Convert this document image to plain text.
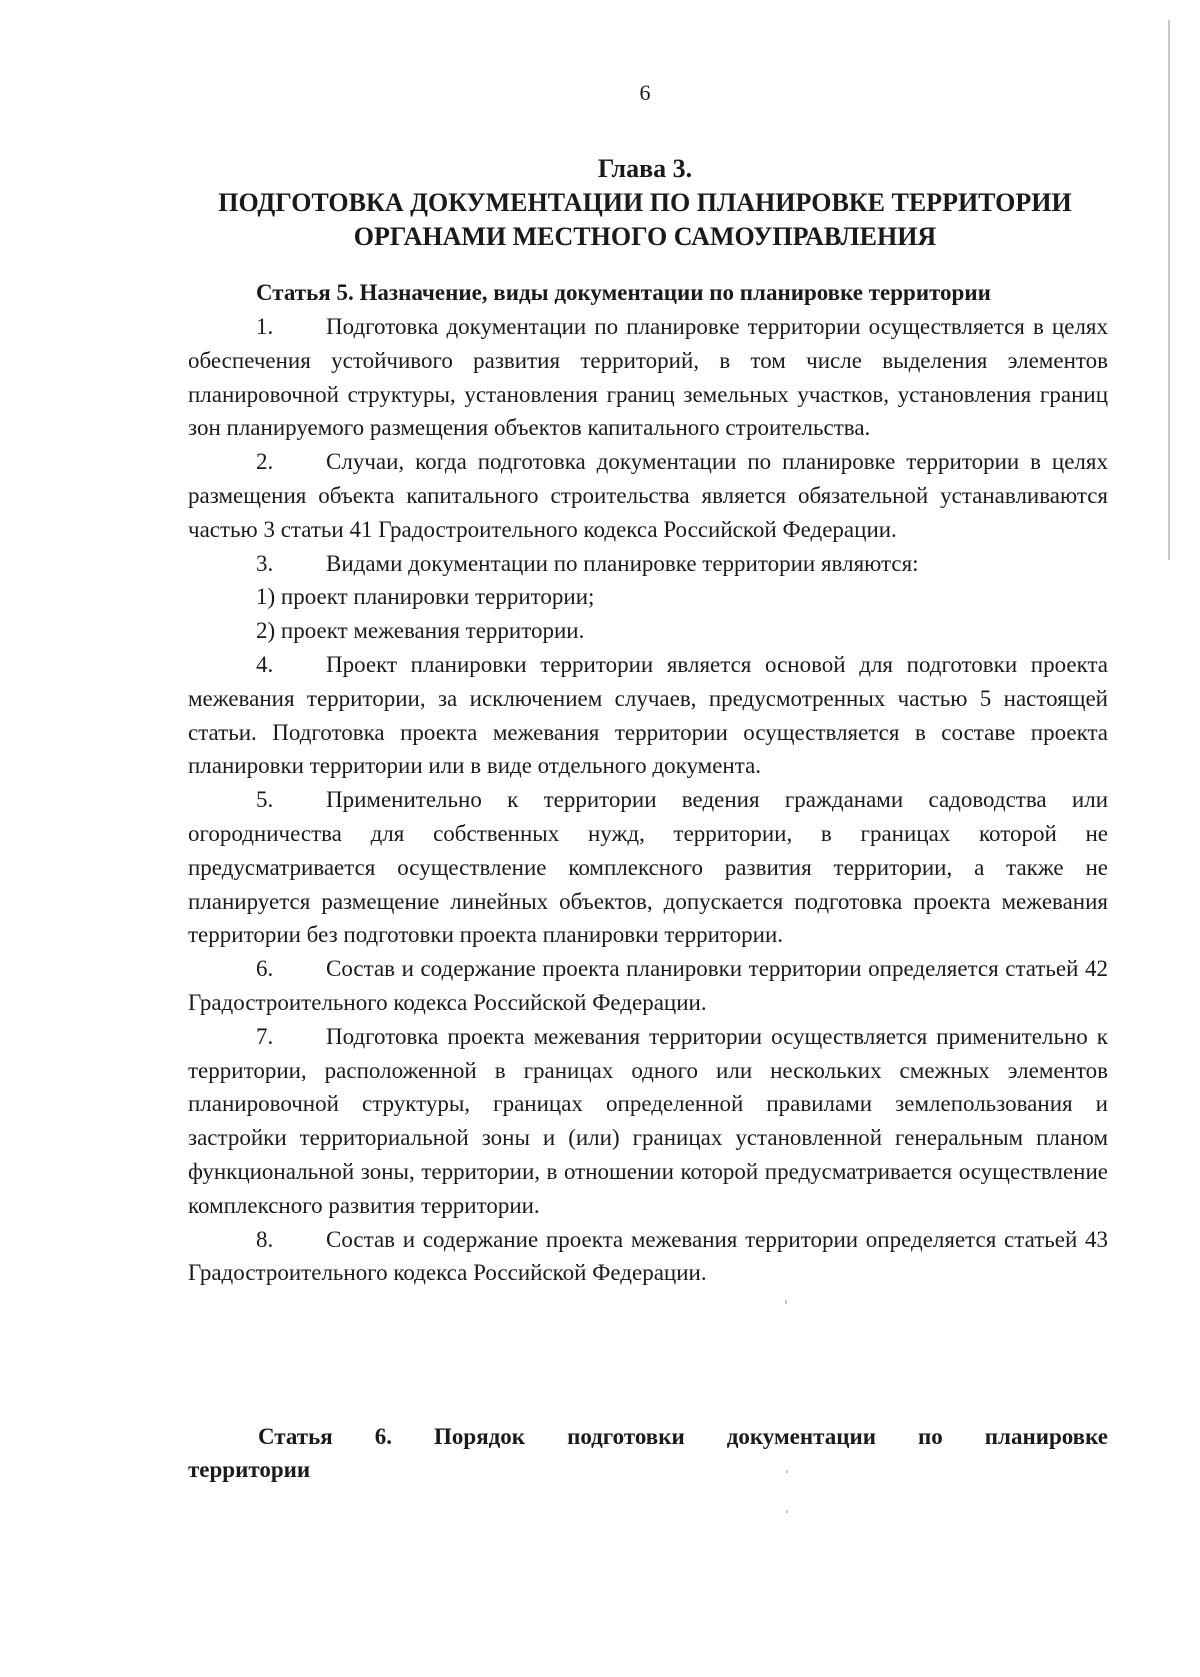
6
Глава 3.
ПОДГОТОВКА ДОКУМЕНТАЦИИ ПО ПЛАНИРОВКЕ ТЕРРИТОРИИ
ОРГАНАМИ МЕСТНОГО САМОУПРАВЛЕНИЯ
Статья 5. Назначение, виды документации по планировке территории

1. Подготовка документации по планировке территории осуществляется в целях обеспечения устойчивого развития территорий, в том числе выделения элементов планировочной структуры, установления границ земельных участков, установления границ зон планируемого размещения объектов капитального строительства.

2. Случаи, когда подготовка документации по планировке территории в целях размещения объекта капитального строительства является обязательной устанавливаются частью 3 статьи 41 Градостроительного кодекса Российской Федерации.

3. Видами документации по планировке территории являются:

1) проект планировки территории;

2) проект межевания территории.

4. Проект планировки территории является основой для подготовки проекта межевания территории, за исключением случаев, предусмотренных частью 5 настоящей статьи. Подготовка проекта межевания территории осуществляется в составе проекта планировки территории или в виде отдельного документа.

5. Применительно к территории ведения гражданами садоводства или огородничества для собственных нужд, территории, в границах которой не предусматривается осуществление комплексного развития территории, а также не планируется размещение линейных объектов, допускается подготовка проекта межевания территории без подготовки проекта планировки территории.

6. Состав и содержание проекта планировки территории определяется статьей 42 Градостроительного кодекса Российской Федерации.

7. Подготовка проекта межевания территории осуществляется применительно к территории, расположенной в границах одного или нескольких смежных элементов планировочной структуры, границах определенной правилами землепользования и застройки территориальной зоны и (или) границах установленной генеральным планом функциональной зоны, территории, в отношении которой предусматривается осуществление комплексного развития территории.

8. Состав и содержание проекта межевания территории определяется статьей 43 Градостроительного кодекса Российской Федерации.

Статья 6. Порядок подготовки документации по планировке
территории
